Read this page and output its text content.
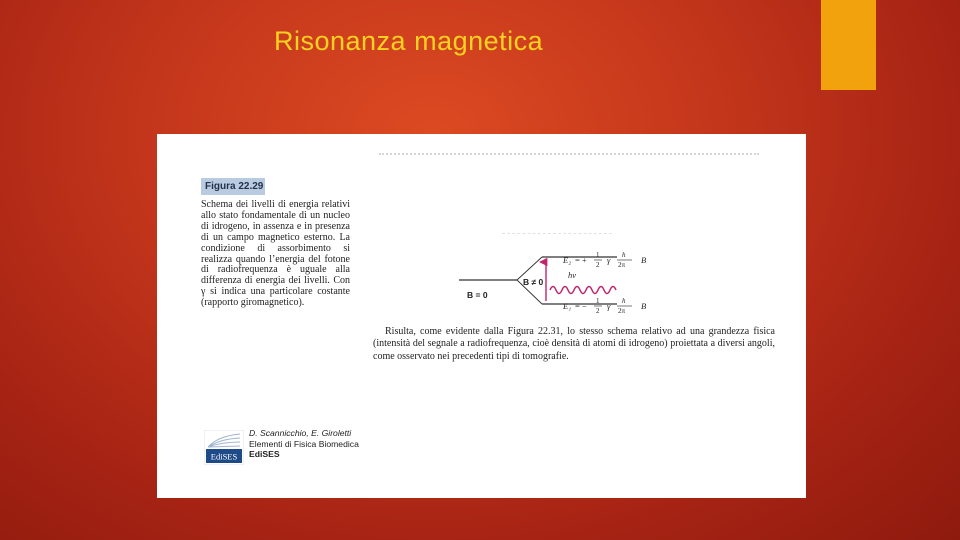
Risonanza magnetica
Figura 22.29
Schema dei livelli di energia relativi allo stato fondamentale di un nucleo di idrogeno, in assenza e in presenza di un campo magnetico esterno. La condizione di assorbimento si realizza quando l’energia del fotone di radiofrequenza è uguale alla differenza di energia dei livelli. Con γ si indica una particolare costante (rapporto giromagnetico).
B = 0
B ≠ 0
hν
E₂ = + 1
2 γ h
2π B
E₁ = − 1
2 γ h
2π B
Risulta, come evidente dalla Figura 22.31, lo stesso schema relativo ad una grandezza fisica (intensità del segnale a radiofrequenza, cioè densità di atomi di idrogeno) proiettata a diversi angoli, come osservato nei precedenti tipi di tomografie.
EdiSES
D. Scannicchio, E. Giroletti
Elementi di Fisica Biomedica
EdiSES
